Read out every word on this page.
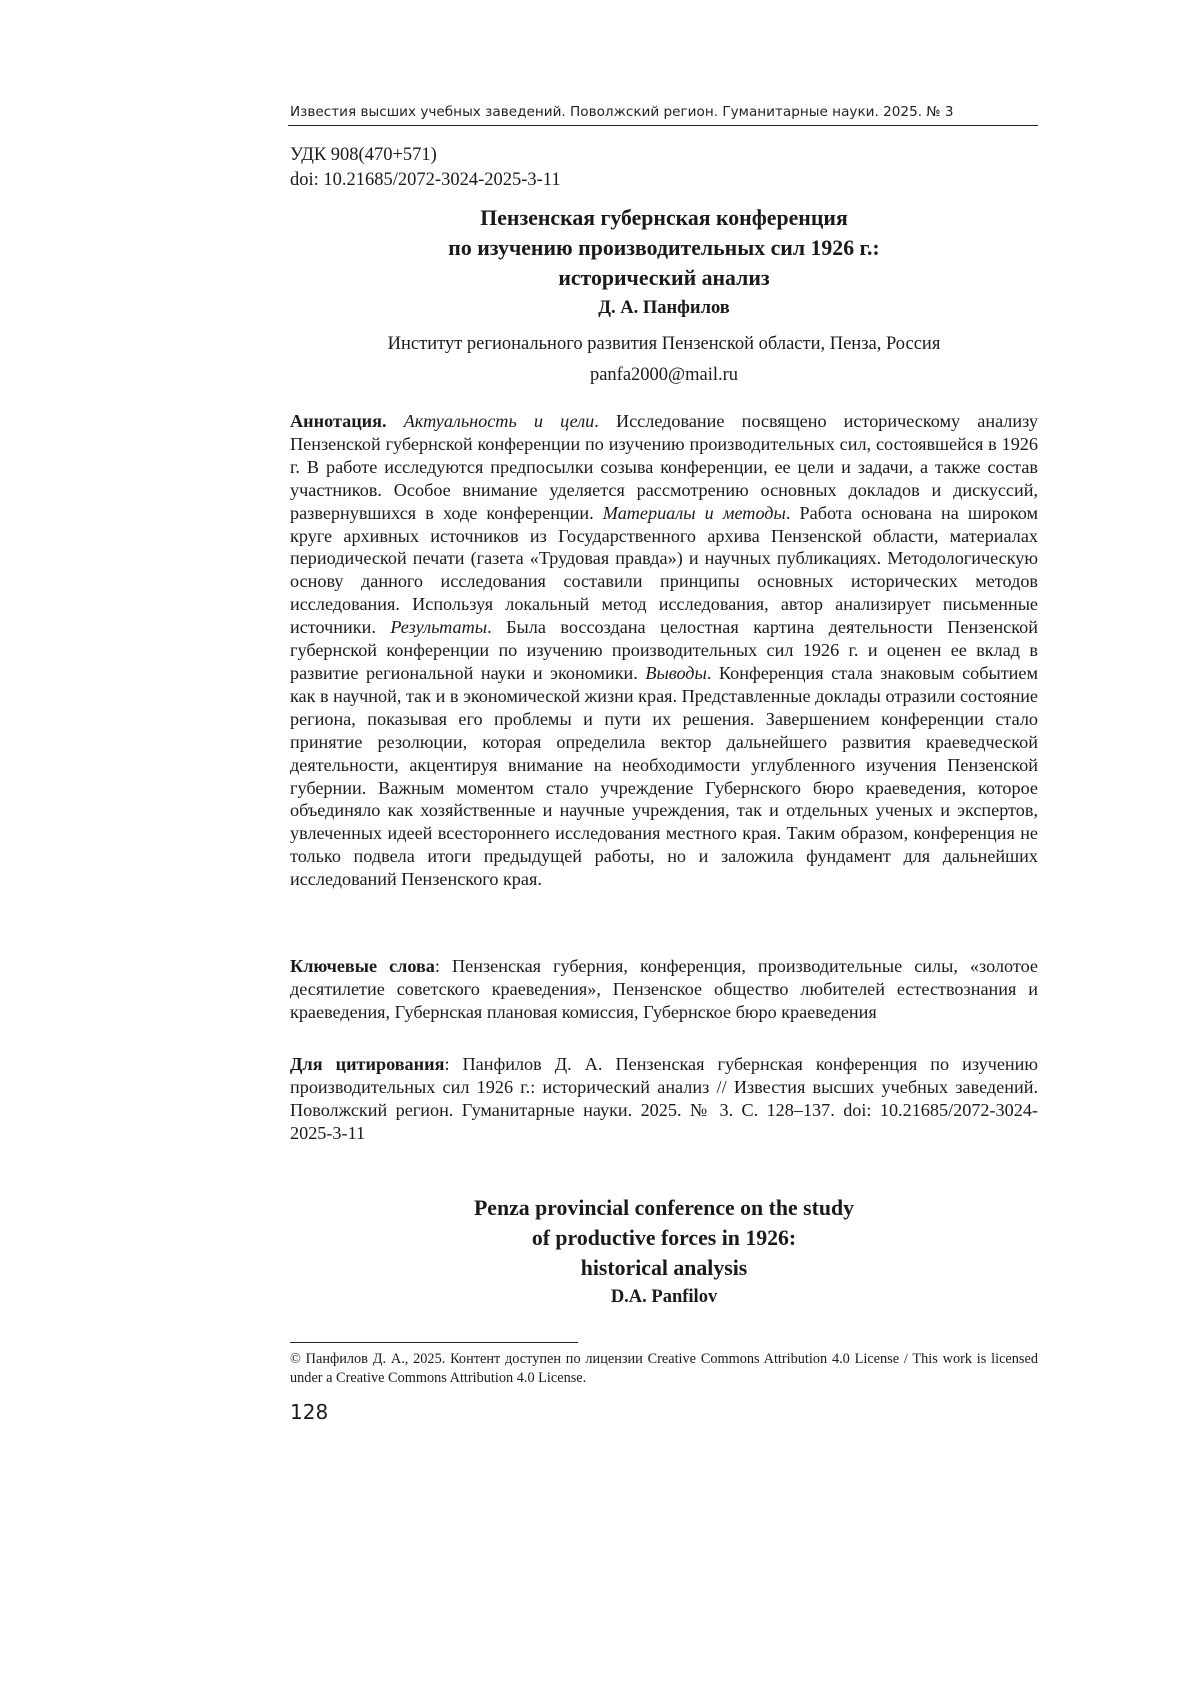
Известия высших учебных заведений. Поволжский регион. Гуманитарные науки. 2025. № 3
УДК 908(470+571)
doi: 10.21685/2072-3024-2025-3-11
Пензенская губернская конференция
по изучению производительных сил 1926 г.:
исторический анализ
Д. А. Панфилов
Институт регионального развития Пензенской области, Пенза, Россия
panfa2000@mail.ru
Аннотация. Актуальность и цели. Исследование посвящено историческому анализу Пензенской губернской конференции по изучению производительных сил, состоявшейся в 1926 г. В работе исследуются предпосылки созыва конференции, ее цели и задачи, а также состав участников. Особое внимание уделяется рассмотрению основных докладов и дискуссий, развернувшихся в ходе конференции. Материалы и методы. Работа основана на широком круге архивных источников из Государственного архива Пензенской области, материалах периодической печати (газета «Трудовая правда») и научных публикациях. Методологическую основу данного исследования составили принципы основных исторических методов исследования. Используя локальный метод исследования, автор анализирует письменные источники. Результаты. Была воссоздана целостная картина деятельности Пензенской губернской конференции по изучению производительных сил 1926 г. и оценен ее вклад в развитие региональной науки и экономики. Выводы. Конференция стала знаковым событием как в научной, так и в экономической жизни края. Представленные доклады отразили состояние региона, показывая его проблемы и пути их решения. Завершением конференции стало принятие резолюции, которая определила вектор дальнейшего развития краеведческой деятельности, акцентируя внимание на необходимости углубленного изучения Пензенской губернии. Важным моментом стало учреждение Губернского бюро краеведения, которое объединяло как хозяйственные и научные учреждения, так и отдельных ученых и экспертов, увлеченных идеей всестороннего исследования местного края. Таким образом, конференция не только подвела итоги предыдущей работы, но и заложила фундамент для дальнейших исследований Пензенского края.
Ключевые слова: Пензенская губерния, конференция, производительные силы, «золотое десятилетие советского краеведения», Пензенское общество любителей естествознания и краеведения, Губернская плановая комиссия, Губернское бюро краеведения
Для цитирования: Панфилов Д. А. Пензенская губернская конференция по изучению производительных сил 1926 г.: исторический анализ // Известия высших учебных заведений. Поволжский регион. Гуманитарные науки. 2025. № 3. С. 128–137. doi: 10.21685/2072-3024-2025-3-11
Penza provincial conference on the study
of productive forces in 1926:
historical analysis
D.A. Panfilov
© Панфилов Д. А., 2025. Контент доступен по лицензии Creative Commons Attribution 4.0 License / This work is licensed under a Creative Commons Attribution 4.0 License.
128
